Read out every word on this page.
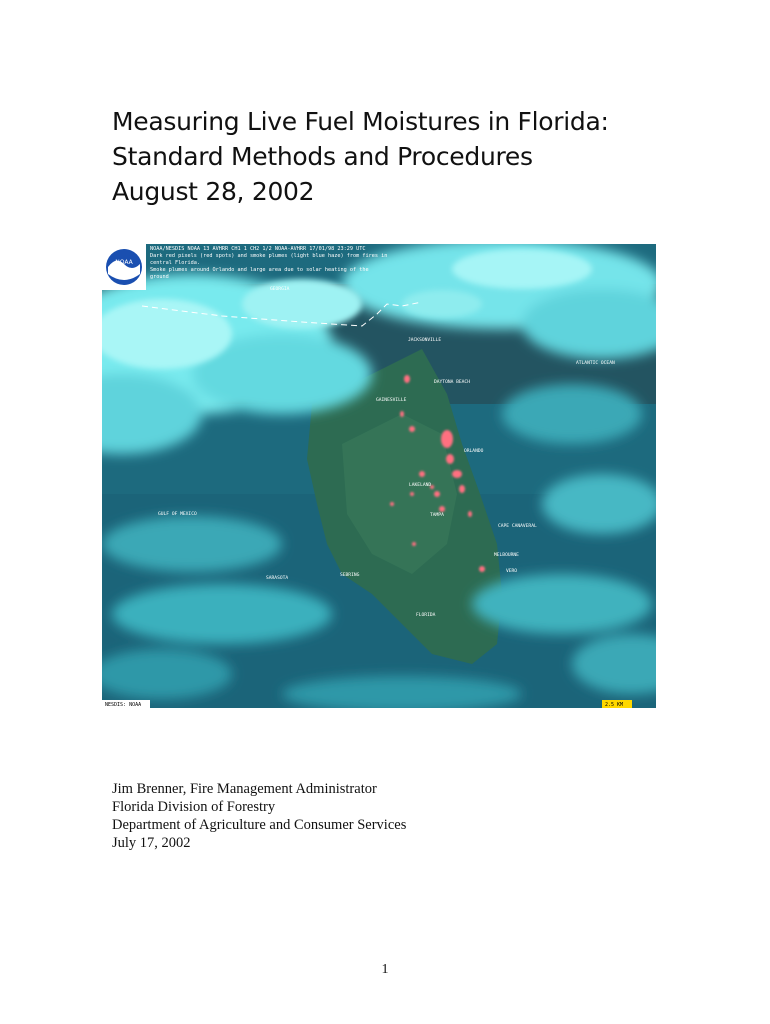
Measuring Live Fuel Moistures in Florida:
Standard Methods and Procedures
August 28, 2002
NOAA
NOAA/NESDIS NOAA 13 AVHRR CH1 1 CH2 1/2 NOAA-AVHRR 17/01/98 23:29 UTC
Dark red pixels (red spots) and smoke plumes (light blue haze) from fires in
central Florida.
Smoke plumes around Orlando and large area due to solar heating of the
ground
GEORGIA
JACKSONVILLE
DAYTONA BEACH
GAINESVILLE
ATLANTIC OCEAN
GULF OF MEXICO
ORLANDO
CAPE CANAVERAL
LAKELAND
TAMPA
MELBOURNE
VERO
SARASOTA
SEBRING
FLORIDA
NESDIS: NOAA	2.5 KM
Jim Brenner, Fire Management Administrator
Florida Division of Forestry
Department of Agriculture and Consumer Services
July 17, 2002
1
